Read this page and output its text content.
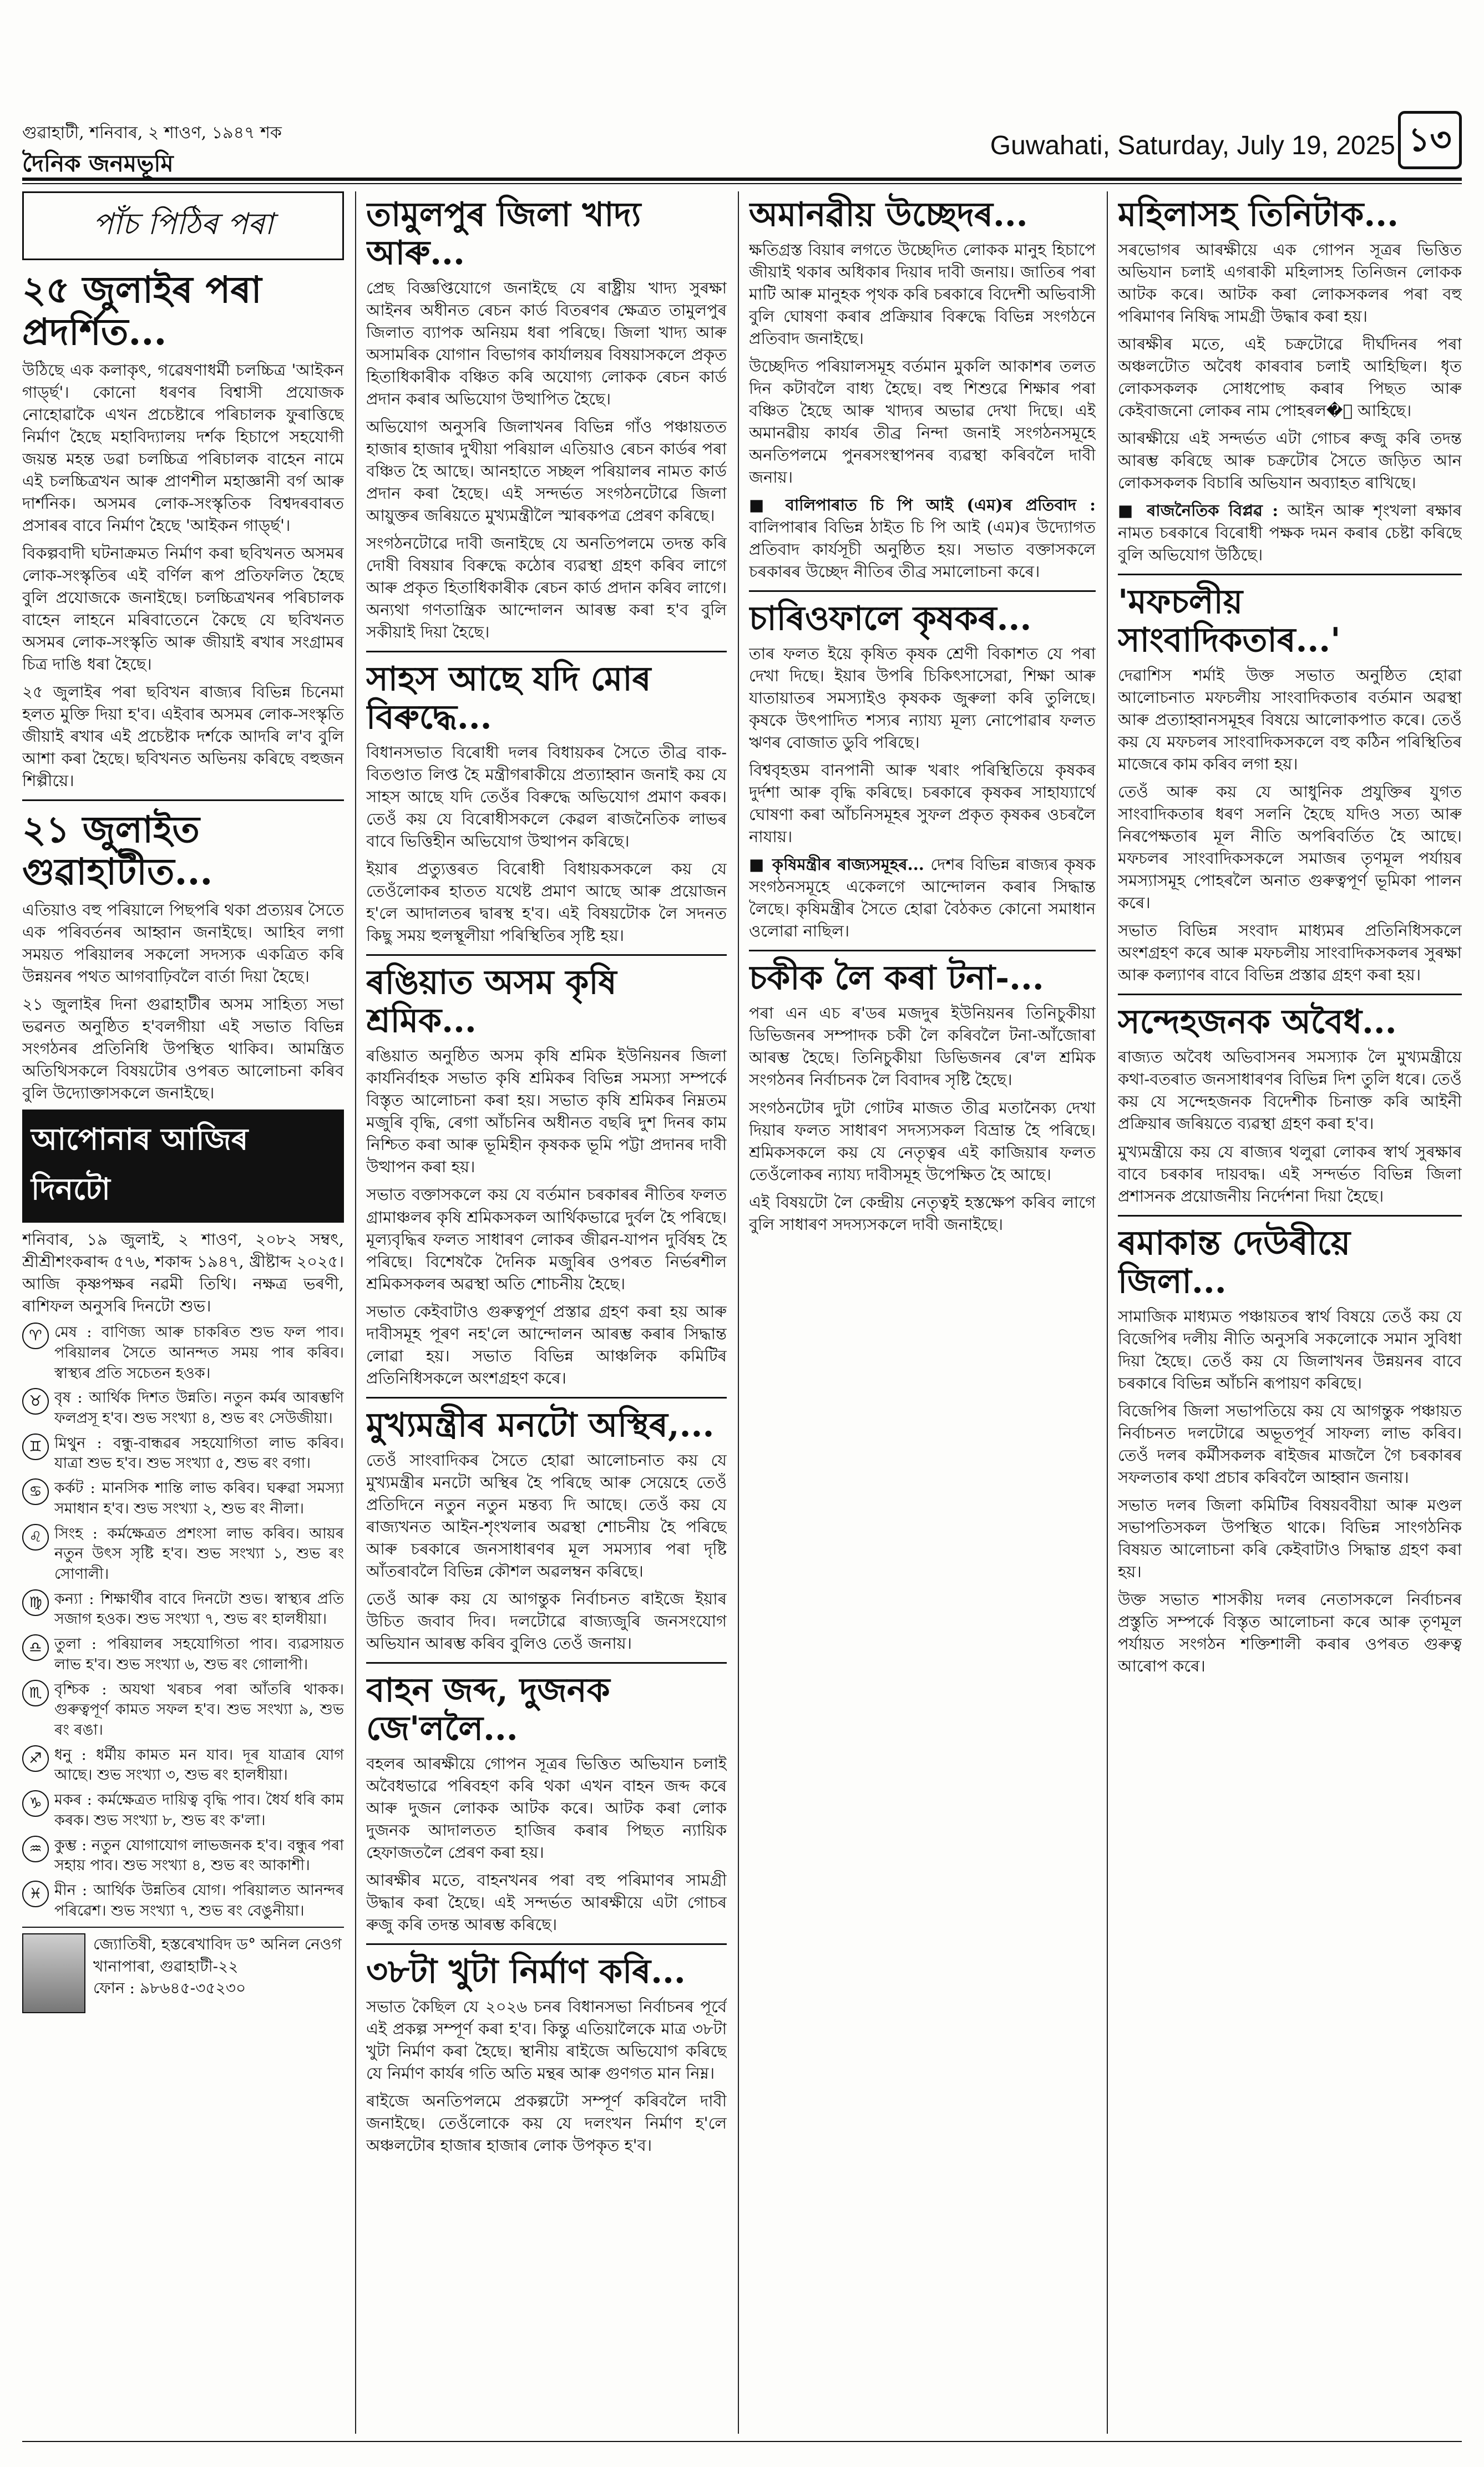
গুৱাহাটী, শনিবাৰ, ২ শাওণ, ১৯৪৭ শক
দৈনিক জনমভূমি
Guwahati, Saturday, July 19, 2025 ১৩
পাঁচ পিঠিৰ পৰা
২৫ জুলাইৰ পৰা প্ৰদৰ্শিত...

উঠিছে এক কলাকৃৎ, গৱেষণাধৰ্মী চলচ্চিত্ৰ 'আইকন গাৰ্ড্ছ'। কোনো ধৰণৰ বিশ্বাসী প্ৰযোজক নোহোৱাকৈ এখন প্ৰচেষ্টাৰে পৰিচালক ফুৰাত্তিছে নিৰ্মাণ হৈছে মহাবিদ্যালয় দৰ্শক হিচাপে সহযোগী জয়ন্ত মহন্ত ডৱা চলচ্চিত্ৰ পৰিচালক বাহেন নামে এই চলচ্চিত্ৰখন আৰু প্ৰাণশীল মহাজ্ঞানী বৰ্গ আৰু দাৰ্শনিক। অসমৰ লোক-সংস্কৃতিক বিশ্বদৰবাৰত প্ৰসাৰৰ বাবে নিৰ্মাণ হৈছে 'আইকন গাৰ্ড্ছ'।

বিকল্পবাদী ঘটনাক্ৰমত নিৰ্মাণ কৰা ছবিখনত অসমৰ লোক-সংস্কৃতিৰ এই বৰ্ণিল ৰূপ প্ৰতিফলিত হৈছে বুলি প্ৰযোজকে জনাইছে। চলচ্চিত্ৰখনৰ পৰিচালক বাহেন লাহনে মৰিবাতেনে কৈছে যে ছবিখনত অসমৰ লোক-সংস্কৃতি আৰু জীয়াই ৰখাৰ সংগ্ৰামৰ চিত্ৰ দাঙি ধৰা হৈছে।

২৫ জুলাইৰ পৰা ছবিখন ৰাজ্যৰ বিভিন্ন চিনেমা হলত মুক্তি দিয়া হ'ব। এইবাৰ অসমৰ লোক-সংস্কৃতি জীয়াই ৰখাৰ এই প্ৰচেষ্টাক দৰ্শকে আদৰি ল'ব বুলি আশা কৰা হৈছে। ছবিখনত অভিনয় কৰিছে বহুজন শিল্পীয়ে।

২১ জুলাইত গুৱাহাটীত...

এতিয়াও বহু পৰিয়ালে পিছপৰি থকা প্ৰত্যয়ৰ সৈতে এক পৰিবৰ্তনৰ আহ্বান জনাইছে। আহিব লগা সময়ত পৰিয়ালৰ সকলো সদস্যক একত্ৰিত কৰি উন্নয়নৰ পথত আগবাঢ়িবলৈ বাৰ্তা দিয়া হৈছে।

২১ জুলাইৰ দিনা গুৱাহাটীৰ অসম সাহিত্য সভা ভৱনত অনুষ্ঠিত হ'বলগীয়া এই সভাত বিভিন্ন সংগঠনৰ প্ৰতিনিধি উপস্থিত থাকিব। আমন্ত্ৰিত অতিথিসকলে বিষয়টোৰ ওপৰত আলোচনা কৰিব বুলি উদ্যোক্তাসকলে জনাইছে।

আপোনাৰ আজিৰ দিনটো

শনিবাৰ, ১৯ জুলাই, ২ শাওণ, ২০৮২ সম্বৎ, শ্ৰীশ্ৰীশংকৰাব্দ ৫৭৬, শকাব্দ ১৯৪৭, খ্ৰীষ্টাব্দ ২০২৫। আজি কৃষ্ণপক্ষৰ নৱমী তিথি। নক্ষত্ৰ ভৰণী, ৰাশিফল অনুসৰি দিনটো শুভ।

♈ মেষ : বাণিজ্য আৰু চাকৰিত শুভ ফল পাব। পৰিয়ালৰ সৈতে আনন্দত সময় পাৰ কৰিব। স্বাস্থ্যৰ প্ৰতি সচেতন হওক।
♉ বৃষ : আৰ্থিক দিশত উন্নতি। নতুন কৰ্মৰ আৰম্ভণি ফলপ্ৰসূ হ'ব। শুভ সংখ্যা ৪, শুভ ৰং সেউজীয়া।
♊ মিথুন : বন্ধু-বান্ধৱৰ সহযোগিতা লাভ কৰিব। যাত্ৰা শুভ হ'ব। শুভ সংখ্যা ৫, শুভ ৰং বগা।
♋ কৰ্কট : মানসিক শান্তি লাভ কৰিব। ঘৰুৱা সমস্যা সমাধান হ'ব। শুভ সংখ্যা ২, শুভ ৰং নীলা।
♌ সিংহ : কৰ্মক্ষেত্ৰত প্ৰশংসা লাভ কৰিব। আয়ৰ নতুন উৎস সৃষ্টি হ'ব। শুভ সংখ্যা ১, শুভ ৰং সোণালী।
♍ কন্যা : শিক্ষাৰ্থীৰ বাবে দিনটো শুভ। স্বাস্থ্যৰ প্ৰতি সজাগ হওক। শুভ সংখ্যা ৭, শুভ ৰং হালধীয়া।
♎ তুলা : পৰিয়ালৰ সহযোগিতা পাব। ব্যৱসায়ত লাভ হ'ব। শুভ সংখ্যা ৬, শুভ ৰং গোলাপী।
♏ বৃশ্চিক : অযথা খৰচৰ পৰা আঁতৰি থাকক। গুৰুত্বপূৰ্ণ কামত সফল হ'ব। শুভ সংখ্যা ৯, শুভ ৰং ৰঙা।
♐ ধনু : ধৰ্মীয় কামত মন যাব। দূৰ যাত্ৰাৰ যোগ আছে। শুভ সংখ্যা ৩, শুভ ৰং হালধীয়া।
♑ মকৰ : কৰ্মক্ষেত্ৰত দায়িত্ব বৃদ্ধি পাব। ধৈৰ্য ধৰি কাম কৰক। শুভ সংখ্যা ৮, শুভ ৰং ক'লা।
♒ কুম্ভ : নতুন যোগাযোগ লাভজনক হ'ব। বন্ধুৰ পৰা সহায় পাব। শুভ সংখ্যা ৪, শুভ ৰং আকাশী।
♓ মীন : আৰ্থিক উন্নতিৰ যোগ। পৰিয়ালত আনন্দৰ পৰিৱেশ। শুভ সংখ্যা ৭, শুভ ৰং বেঙুনীয়া।
জ্যোতিষী, হস্তৰেখাবিদ ড° অনিল নেওগ
খানাপাৰা, গুৱাহাটী-২২
ফোন : ৯৮৬৪৫-৩৫২৩০
তামুলপুৰ জিলা খাদ্য আৰু...

প্ৰেছ বিজ্ঞপ্তিযোগে জনাইছে যে ৰাষ্ট্ৰীয় খাদ্য সুৰক্ষা আইনৰ অধীনত ৰেচন কাৰ্ড বিতৰণৰ ক্ষেত্ৰত তামুলপুৰ জিলাত ব্যাপক অনিয়ম ধৰা পৰিছে। জিলা খাদ্য আৰু অসামৰিক যোগান বিভাগৰ কাৰ্যালয়ৰ বিষয়াসকলে প্ৰকৃত হিতাধিকাৰীক বঞ্চিত কৰি অযোগ্য লোকক ৰেচন কাৰ্ড প্ৰদান কৰাৰ অভিযোগ উত্থাপিত হৈছে।

অভিযোগ অনুসৰি জিলাখনৰ বিভিন্ন গাঁও পঞ্চায়তত হাজাৰ হাজাৰ দুখীয়া পৰিয়াল এতিয়াও ৰেচন কাৰ্ডৰ পৰা বঞ্চিত হৈ আছে। আনহাতে সচ্ছল পৰিয়ালৰ নামত কাৰ্ড প্ৰদান কৰা হৈছে। এই সন্দৰ্ভত সংগঠনটোৱে জিলা আয়ুক্তৰ জৰিয়তে মুখ্যমন্ত্ৰীলৈ স্মাৰকপত্ৰ প্ৰেৰণ কৰিছে।

সংগঠনটোৱে দাবী জনাইছে যে অনতিপলমে তদন্ত কৰি দোষী বিষয়াৰ বিৰুদ্ধে কঠোৰ ব্যৱস্থা গ্ৰহণ কৰিব লাগে আৰু প্ৰকৃত হিতাধিকাৰীক ৰেচন কাৰ্ড প্ৰদান কৰিব লাগে। অন্যথা গণতান্ত্ৰিক আন্দোলন আৰম্ভ কৰা হ'ব বুলি সকীয়াই দিয়া হৈছে।

সাহস আছে যদি মোৰ বিৰুদ্ধে...

বিধানসভাত বিৰোধী দলৰ বিধায়কৰ সৈতে তীব্ৰ বাক-বিতণ্ডাত লিপ্ত হৈ মন্ত্ৰীগৰাকীয়ে প্ৰত্যাহ্বান জনাই কয় যে সাহস আছে যদি তেওঁৰ বিৰুদ্ধে অভিযোগ প্ৰমাণ কৰক। তেওঁ কয় যে বিৰোধীসকলে কেৱল ৰাজনৈতিক লাভৰ বাবে ভিত্তিহীন অভিযোগ উত্থাপন কৰিছে।

ইয়াৰ প্ৰত্যুত্তৰত বিৰোধী বিধায়কসকলে কয় যে তেওঁলোকৰ হাতত যথেষ্ট প্ৰমাণ আছে আৰু প্ৰয়োজন হ'লে আদালতৰ দ্বাৰস্থ হ'ব। এই বিষয়টোক লৈ সদনত কিছু সময় হুলস্থূলীয়া পৰিস্থিতিৰ সৃষ্টি হয়।

ৰঙিয়াত অসম কৃষি শ্ৰমিক...

ৰঙিয়াত অনুষ্ঠিত অসম কৃষি শ্ৰমিক ইউনিয়নৰ জিলা কাৰ্যনিৰ্বাহক সভাত কৃষি শ্ৰমিকৰ বিভিন্ন সমস্যা সম্পৰ্কে বিস্তৃত আলোচনা কৰা হয়। সভাত কৃষি শ্ৰমিকৰ নিম্নতম মজুৰি বৃদ্ধি, ৰেগা আঁচনিৰ অধীনত বছৰি দুশ দিনৰ কাম নিশ্চিত কৰা আৰু ভূমিহীন কৃষকক ভূমি পট্টা প্ৰদানৰ দাবী উত্থাপন কৰা হয়।

সভাত বক্তাসকলে কয় যে বৰ্তমান চৰকাৰৰ নীতিৰ ফলত গ্ৰামাঞ্চলৰ কৃষি শ্ৰমিকসকল আৰ্থিকভাৱে দুৰ্বল হৈ পৰিছে। মূল্যবৃদ্ধিৰ ফলত সাধাৰণ লোকৰ জীৱন-যাপন দুৰ্বিষহ হৈ পৰিছে। বিশেষকৈ দৈনিক মজুৰিৰ ওপৰত নিৰ্ভৰশীল শ্ৰমিকসকলৰ অৱস্থা অতি শোচনীয় হৈছে।

সভাত কেইবাটাও গুৰুত্বপূৰ্ণ প্ৰস্তাৱ গ্ৰহণ কৰা হয় আৰু দাবীসমূহ পূৰণ নহ'লে আন্দোলন আৰম্ভ কৰাৰ সিদ্ধান্ত লোৱা হয়। সভাত বিভিন্ন আঞ্চলিক কমিটিৰ প্ৰতিনিধিসকলে অংশগ্ৰহণ কৰে।

মুখ্যমন্ত্ৰীৰ মনটো অস্থিৰ,...

তেওঁ সাংবাদিকৰ সৈতে হোৱা আলোচনাত কয় যে মুখ্যমন্ত্ৰীৰ মনটো অস্থিৰ হৈ পৰিছে আৰু সেয়েহে তেওঁ প্ৰতিদিনে নতুন নতুন মন্তব্য দি আছে। তেওঁ কয় যে ৰাজ্যখনত আইন-শৃংখলাৰ অৱস্থা শোচনীয় হৈ পৰিছে আৰু চৰকাৰে জনসাধাৰণৰ মূল সমস্যাৰ পৰা দৃষ্টি আঁতৰাবলৈ বিভিন্ন কৌশল অৱলম্বন কৰিছে।

তেওঁ আৰু কয় যে আগন্তুক নিৰ্বাচনত ৰাইজে ইয়াৰ উচিত জবাব দিব। দলটোৱে ৰাজ্যজুৰি জনসংযোগ অভিযান আৰম্ভ কৰিব বুলিও তেওঁ জনায়।

বাহন জব্দ, দুজনক জে'ললৈ...

বহলৰ আৰক্ষীয়ে গোপন সূত্ৰৰ ভিত্তিত অভিযান চলাই অবৈধভাৱে পৰিবহণ কৰি থকা এখন বাহন জব্দ কৰে আৰু দুজন লোকক আটক কৰে। আটক কৰা লোক দুজনক আদালতত হাজিৰ কৰাৰ পিছত ন্যায়িক হেফাজতলৈ প্ৰেৰণ কৰা হয়।

আৰক্ষীৰ মতে, বাহনখনৰ পৰা বহু পৰিমাণৰ সামগ্ৰী উদ্ধাৰ কৰা হৈছে। এই সন্দৰ্ভত আৰক্ষীয়ে এটা গোচৰ ৰুজু কৰি তদন্ত আৰম্ভ কৰিছে।

৩৮টা খুটা নিৰ্মাণ কৰি...

সভাত কৈছিল যে ২০২৬ চনৰ বিধানসভা নিৰ্বাচনৰ পূৰ্বে এই প্ৰকল্প সম্পূৰ্ণ কৰা হ'ব। কিন্তু এতিয়ালৈকে মাত্ৰ ৩৮টা খুটা নিৰ্মাণ কৰা হৈছে। স্থানীয় ৰাইজে অভিযোগ কৰিছে যে নিৰ্মাণ কাৰ্যৰ গতি অতি মন্থৰ আৰু গুণগত মান নিম্ন।

ৰাইজে অনতিপলমে প্ৰকল্পটো সম্পূৰ্ণ কৰিবলৈ দাবী জনাইছে। তেওঁলোকে কয় যে দলংখন নিৰ্মাণ হ'লে অঞ্চলটোৰ হাজাৰ হাজাৰ লোক উপকৃত হ'ব।

অমানৱীয় উচ্ছেদৰ...

ক্ষতিগ্ৰস্ত বিয়াৰ লগতে উচ্ছেদিত লোকক মানুহ হিচাপে জীয়াই থকাৰ অধিকাৰ দিয়াৰ দাবী জনায়। জাতিৰ পৰা মাটি আৰু মানুহক পৃথক কৰি চৰকাৰে বিদেশী অভিবাসী বুলি ঘোষণা কৰাৰ প্ৰক্ৰিয়াৰ বিৰুদ্ধে বিভিন্ন সংগঠনে প্ৰতিবাদ জনাইছে।

উচ্ছেদিত পৰিয়ালসমূহ বৰ্তমান মুকলি আকাশৰ তলত দিন কটাবলৈ বাধ্য হৈছে। বহু শিশুৱে শিক্ষাৰ পৰা বঞ্চিত হৈছে আৰু খাদ্যৰ অভাৱ দেখা দিছে। এই অমানৱীয় কাৰ্যৰ তীব্ৰ নিন্দা জনাই সংগঠনসমূহে অনতিপলমে পুনৰসংস্থাপনৰ ব্যৱস্থা কৰিবলৈ দাবী জনায়।

■ বালিপাৰাত চি পি আই (এম)ৰ প্ৰতিবাদ : বালিপাৰাৰ বিভিন্ন ঠাইত চি পি আই (এম)ৰ উদ্যোগত প্ৰতিবাদ কাৰ্যসূচী অনুষ্ঠিত হয়। সভাত বক্তাসকলে চৰকাৰৰ উচ্ছেদ নীতিৰ তীব্ৰ সমালোচনা কৰে।

চাৰিওফালে কৃষকৰ...

তাৰ ফলত ইয়ে কৃষিত কৃষক শ্ৰেণী বিকাশত যে পৰা দেখা দিছে। ইয়াৰ উপৰি চিকিৎসাসেৱা, শিক্ষা আৰু যাতায়াতৰ সমস্যাইও কৃষকক জুৰুলা কৰি তুলিছে। কৃষকে উৎপাদিত শস্যৰ ন্যায্য মূল্য নোপোৱাৰ ফলত ঋণৰ বোজাত ডুবি পৰিছে।

বিশ্ববৃহত্তম বানপানী আৰু খৰাং পৰিস্থিতিয়ে কৃষকৰ দুৰ্দশা আৰু বৃদ্ধি কৰিছে। চৰকাৰে কৃষকৰ সাহায্যাৰ্থে ঘোষণা কৰা আঁচনিসমূহৰ সুফল প্ৰকৃত কৃষকৰ ওচৰলৈ নাযায়।

■ কৃষিমন্ত্ৰীৰ ৰাজ্যসমূহৰ... দেশৰ বিভিন্ন ৰাজ্যৰ কৃষক সংগঠনসমূহে একেলগে আন্দোলন কৰাৰ সিদ্ধান্ত লৈছে। কৃষিমন্ত্ৰীৰ সৈতে হোৱা বৈঠকত কোনো সমাধান ওলোৱা নাছিল।

চকীক লৈ কৰা টনা-...

পৰা এন এচ ৰ'ডৰ মজদুৰ ইউনিয়নৰ তিনিচুকীয়া ডিভিজনৰ সম্পাদক চকী লৈ কৰিবলৈ টনা-আঁজোৰা আৰম্ভ হৈছে। তিনিচুকীয়া ডিভিজনৰ ৰে'ল শ্ৰমিক সংগঠনৰ নিৰ্বাচনক লৈ বিবাদৰ সৃষ্টি হৈছে।

সংগঠনটোৰ দুটা গোটৰ মাজত তীব্ৰ মতানৈক্য দেখা দিয়াৰ ফলত সাধাৰণ সদস্যসকল বিভ্ৰান্ত হৈ পৰিছে। শ্ৰমিকসকলে কয় যে নেতৃত্বৰ এই কাজিয়াৰ ফলত তেওঁলোকৰ ন্যায্য দাবীসমূহ উপেক্ষিত হৈ আছে।

এই বিষয়টো লৈ কেন্দ্ৰীয় নেতৃত্বই হস্তক্ষেপ কৰিব লাগে বুলি সাধাৰণ সদস্যসকলে দাবী জনাইছে।

মহিলাসহ তিনিটাক...

সৰভোগৰ আৰক্ষীয়ে এক গোপন সূত্ৰৰ ভিত্তিত অভিযান চলাই এগৰাকী মহিলাসহ তিনিজন লোকক আটক কৰে। আটক কৰা লোকসকলৰ পৰা বহু পৰিমাণৰ নিষিদ্ধ সামগ্ৰী উদ্ধাৰ কৰা হয়।

আৰক্ষীৰ মতে, এই চক্ৰটোৱে দীৰ্ঘদিনৰ পৰা অঞ্চলটোত অবৈধ কাৰবাৰ চলাই আহিছিল। ধৃত লোকসকলক সোধপোছ কৰাৰ পিছত আৰু কেইবাজনো লোকৰ নাম পোহৰল�ৈ আহিছে।

আৰক্ষীয়ে এই সন্দৰ্ভত এটা গোচৰ ৰুজু কৰি তদন্ত আৰম্ভ কৰিছে আৰু চক্ৰটোৰ সৈতে জড়িত আন লোকসকলক বিচাৰি অভিযান অব্যাহত ৰাখিছে।

■ ৰাজনৈতিক বিপ্লৱ : আইন আৰু শৃংখলা ৰক্ষাৰ নামত চৰকাৰে বিৰোধী পক্ষক দমন কৰাৰ চেষ্টা কৰিছে বুলি অভিযোগ উঠিছে।

'মফচলীয় সাংবাদিকতাৰ...'

দেৱাশিস শৰ্মাই উক্ত সভাত অনুষ্ঠিত হোৱা আলোচনাত মফচলীয় সাংবাদিকতাৰ বৰ্তমান অৱস্থা আৰু প্ৰত্যাহ্বানসমূহৰ বিষয়ে আলোকপাত কৰে। তেওঁ কয় যে মফচলৰ সাংবাদিকসকলে বহু কঠিন পৰিস্থিতিৰ মাজেৰে কাম কৰিব লগা হয়।

তেওঁ আৰু কয় যে আধুনিক প্ৰযুক্তিৰ যুগত সাংবাদিকতাৰ ধৰণ সলনি হৈছে যদিও সত্য আৰু নিৰপেক্ষতাৰ মূল নীতি অপৰিবৰ্তিত হৈ আছে। মফচলৰ সাংবাদিকসকলে সমাজৰ তৃণমূল পৰ্যায়ৰ সমস্যাসমূহ পোহৰলৈ অনাত গুৰুত্বপূৰ্ণ ভূমিকা পালন কৰে।

সভাত বিভিন্ন সংবাদ মাধ্যমৰ প্ৰতিনিধিসকলে অংশগ্ৰহণ কৰে আৰু মফচলীয় সাংবাদিকসকলৰ সুৰক্ষা আৰু কল্যাণৰ বাবে বিভিন্ন প্ৰস্তাৱ গ্ৰহণ কৰা হয়।

সন্দেহজনক অবৈধ...

ৰাজ্যত অবৈধ অভিবাসনৰ সমস্যাক লৈ মুখ্যমন্ত্ৰীয়ে কথা-বতৰাত জনসাধাৰণৰ বিভিন্ন দিশ তুলি ধৰে। তেওঁ কয় যে সন্দেহজনক বিদেশীক চিনাক্ত কৰি আইনী প্ৰক্ৰিয়াৰ জৰিয়তে ব্যৱস্থা গ্ৰহণ কৰা হ'ব।

মুখ্যমন্ত্ৰীয়ে কয় যে ৰাজ্যৰ থলুৱা লোকৰ স্বাৰ্থ সুৰক্ষাৰ বাবে চৰকাৰ দায়বদ্ধ। এই সন্দৰ্ভত বিভিন্ন জিলা প্ৰশাসনক প্ৰয়োজনীয় নিৰ্দেশনা দিয়া হৈছে।

ৰমাকান্ত দেউৰীয়ে জিলা...

সামাজিক মাধ্যমত পঞ্চায়তৰ স্বাৰ্থ বিষয়ে তেওঁ কয় যে বিজেপিৰ দলীয় নীতি অনুসৰি সকলোকে সমান সুবিধা দিয়া হৈছে। তেওঁ কয় যে জিলাখনৰ উন্নয়নৰ বাবে চৰকাৰে বিভিন্ন আঁচনি ৰূপায়ণ কৰিছে।

বিজেপিৰ জিলা সভাপতিয়ে কয় যে আগন্তুক পঞ্চায়ত নিৰ্বাচনত দলটোৱে অভূতপূৰ্ব সাফল্য লাভ কৰিব। তেওঁ দলৰ কৰ্মীসকলক ৰাইজৰ মাজলৈ গৈ চৰকাৰৰ সফলতাৰ কথা প্ৰচাৰ কৰিবলৈ আহ্বান জনায়।

সভাত দলৰ জিলা কমিটিৰ বিষয়ববীয়া আৰু মণ্ডল সভাপতিসকল উপস্থিত থাকে। বিভিন্ন সাংগঠনিক বিষয়ত আলোচনা কৰি কেইবাটাও সিদ্ধান্ত গ্ৰহণ কৰা হয়।

উক্ত সভাত শাসকীয় দলৰ নেতাসকলে নিৰ্বাচনৰ প্ৰস্তুতি সম্পৰ্কে বিস্তৃত আলোচনা কৰে আৰু তৃণমূল পৰ্যায়ত সংগঠন শক্তিশালী কৰাৰ ওপৰত গুৰুত্ব আৰোপ কৰে।
